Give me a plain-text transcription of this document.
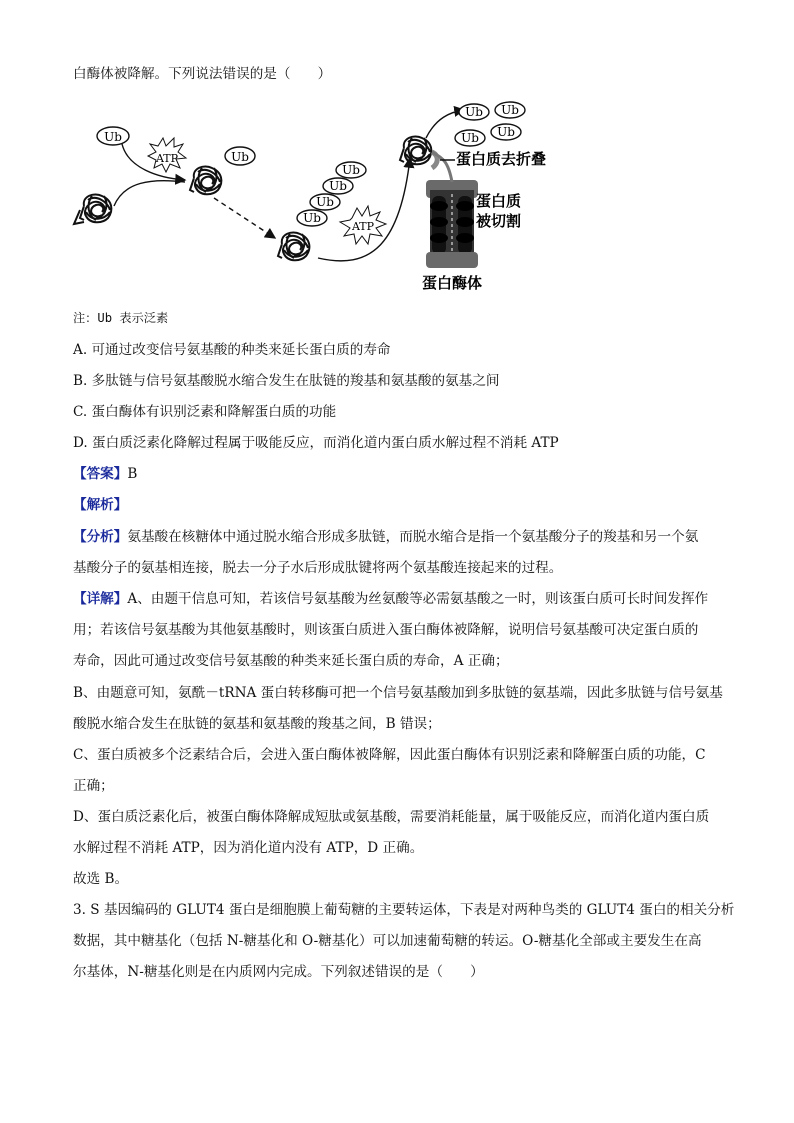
白酶体被降解。下列说法错误的是（　　）
Ub
ATP	Ub
Ub
Ub
Ub
Ub
ATP
Ub Ub
Ub Ub
蛋白质去折叠
蛋白质
被切割
蛋白酶体
注：Ub 表示泛素
A. 可通过改变信号氨基酸的种类来延长蛋白质的寿命
B. 多肽链与信号氨基酸脱水缩合发生在肽链的羧基和氨基酸的氨基之间
C. 蛋白酶体有识别泛素和降解蛋白质的功能
D. 蛋白质泛素化降解过程属于吸能反应，而消化道内蛋白质水解过程不消耗 ATP
【答案】B
【解析】
【分析】氨基酸在核糖体中通过脱水缩合形成多肽链，而脱水缩合是指一个氨基酸分子的羧基和另一个氨
基酸分子的氨基相连接，脱去一分子水后形成肽键将两个氨基酸连接起来的过程。
【详解】A、由题干信息可知，若该信号氨基酸为丝氨酸等必需氨基酸之一时，则该蛋白质可长时间发挥作
用；若该信号氨基酸为其他氨基酸时，则该蛋白质进入蛋白酶体被降解，说明信号氨基酸可决定蛋白质的
寿命，因此可通过改变信号氨基酸的种类来延长蛋白质的寿命，A 正确；
B、由题意可知，氨酰－tRNA 蛋白转移酶可把一个信号氨基酸加到多肽链的氨基端，因此多肽链与信号氨基
酸脱水缩合发生在肽链的氨基和氨基酸的羧基之间，B 错误；
C、蛋白质被多个泛素结合后，会进入蛋白酶体被降解，因此蛋白酶体有识别泛素和降解蛋白质的功能，C
正确；
D、蛋白质泛素化后，被蛋白酶体降解成短肽或氨基酸，需要消耗能量，属于吸能反应，而消化道内蛋白质
水解过程不消耗 ATP，因为消化道内没有 ATP，D 正确。
故选 B。
3. S 基因编码的 GLUT4 蛋白是细胞膜上葡萄糖的主要转运体，下表是对两种鸟类的 GLUT4 蛋白的相关分析
数据，其中糖基化（包括 N-糖基化和 O-糖基化）可以加速葡萄糖的转运。O-糖基化全部或主要发生在高
尔基体，N-糖基化则是在内质网内完成。下列叙述错误的是（　　）
